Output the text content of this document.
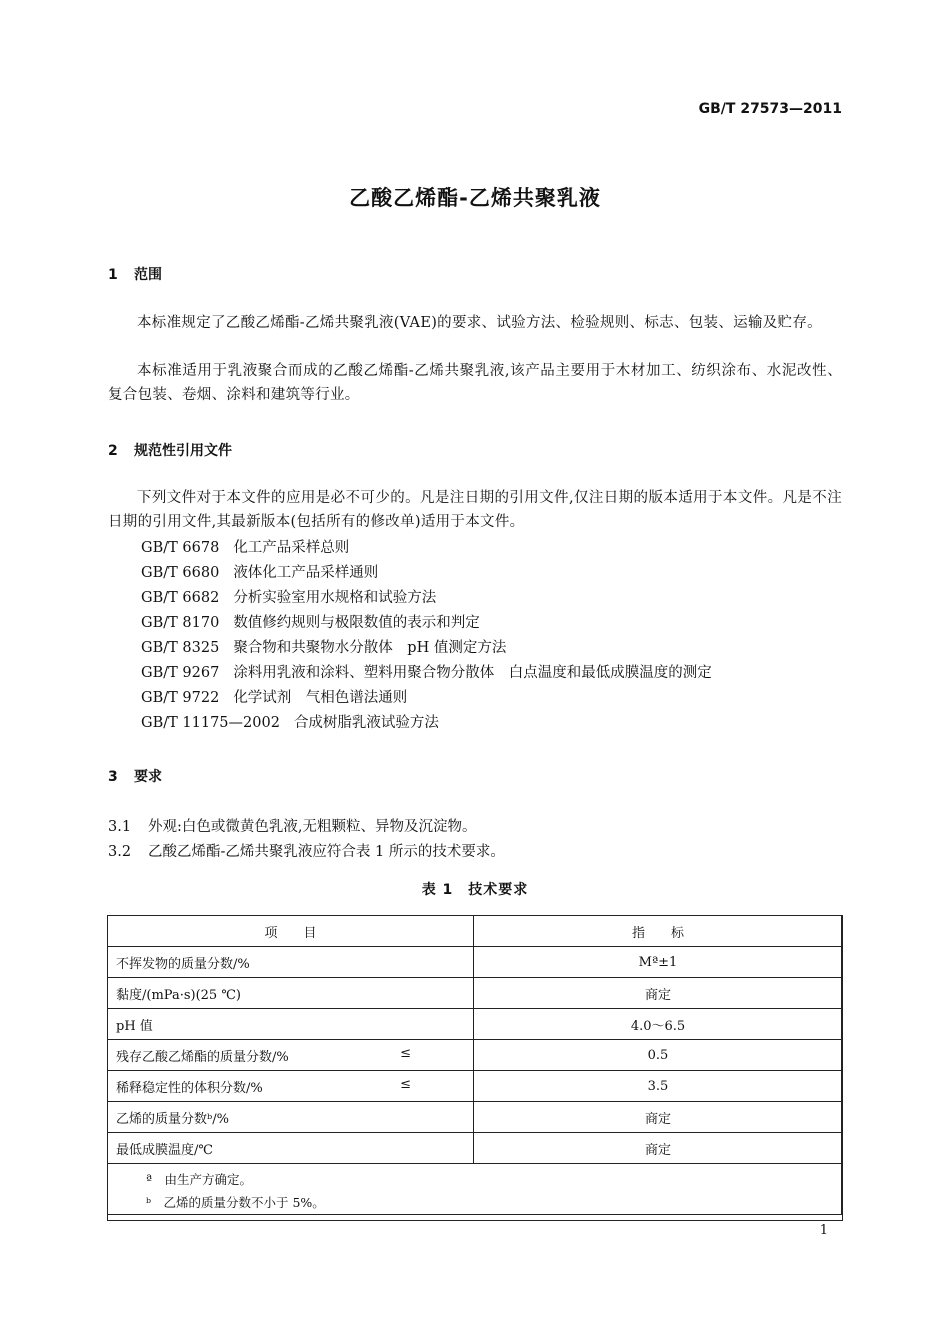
GB/T 27573—2011
乙酸乙烯酯-乙烯共聚乳液
1 范围
本标准规定了乙酸乙烯酯-乙烯共聚乳液(VAE)的要求、试验方法、检验规则、标志、包装、运输及贮存。
本标准适用于乳液聚合而成的乙酸乙烯酯-乙烯共聚乳液,该产品主要用于木材加工、纺织涂布、水泥改性、复合包装、卷烟、涂料和建筑等行业。
2 规范性引用文件
下列文件对于本文件的应用是必不可少的。凡是注日期的引用文件,仅注日期的版本适用于本文件。凡是不注日期的引用文件,其最新版本(包括所有的修改单)适用于本文件。
GB/T 6678 化工产品采样总则
GB/T 6680 液体化工产品采样通则
GB/T 6682 分析实验室用水规格和试验方法
GB/T 8170 数值修约规则与极限数值的表示和判定
GB/T 8325 聚合物和共聚物水分散体　pH 值测定方法
GB/T 9267 涂料用乳液和涂料、塑料用聚合物分散体　白点温度和最低成膜温度的测定
GB/T 9722 化学试剂　气相色谱法通则
GB/T 11175—2002 合成树脂乳液试验方法
3 要求
3.1 外观:白色或微黄色乳液,无粗颗粒、异物及沉淀物。
3.2 乙酸乙烯酯-乙烯共聚乳液应符合表 1 所示的技术要求。
表 1　技术要求
项　　目	指　　标
不挥发物的质量分数/%	Mª±1
黏度/(mPa·s)(25 ℃)	商定
pH 值	4.0～6.5
残存乙酸乙烯酯的质量分数/% ≤	0.5
稀释稳定性的体积分数/% ≤	3.5
乙烯的质量分数ᵇ/%	商定
最低成膜温度/℃	商定

ª　由生产方确定。
ᵇ　乙烯的质量分数不小于 5%。	
1
